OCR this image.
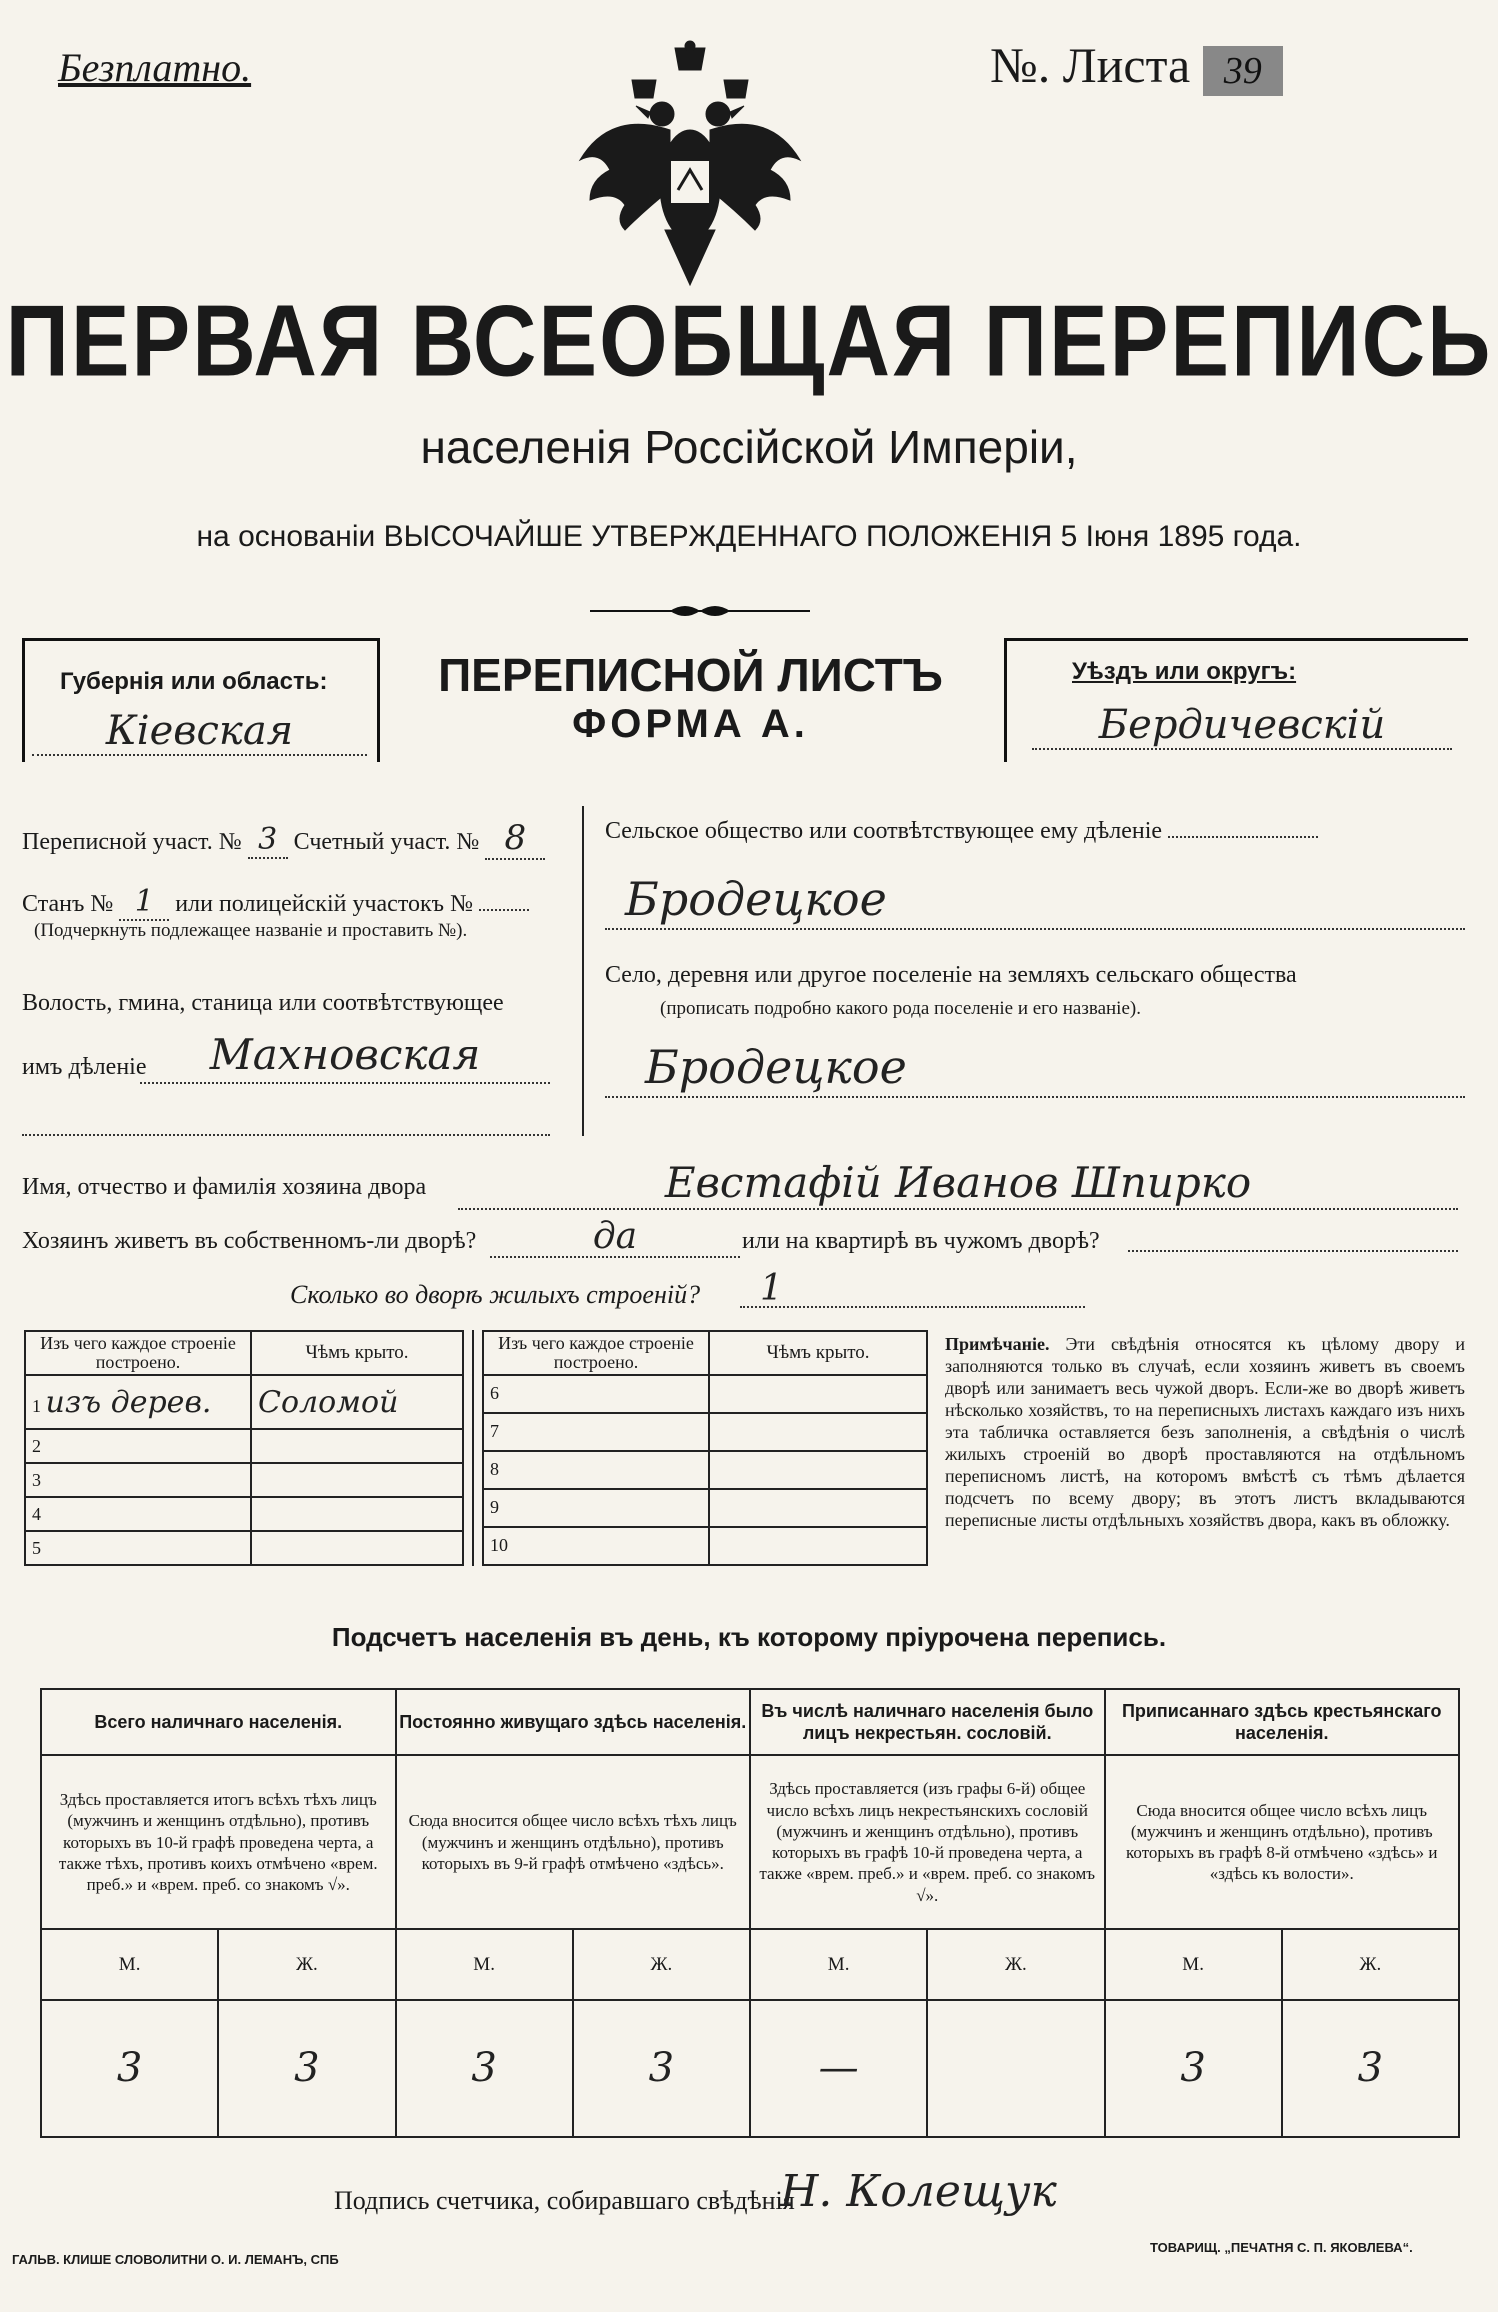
Безплатно.	№. Листа 39
ПЕРВАЯ ВСЕОБЩАЯ ПЕРЕПИСЬ
населенія Россійской Имперіи,
на основаніи ВЫСОЧАЙШЕ УТВЕРЖДЕННАГО ПОЛОЖЕНІЯ 5 Іюня 1895 года.
Губернія или область:
Кіевская
ПЕРЕПИСНОЙ ЛИСТЪ
ФОРМА А.
Уѣздъ или округъ:
Бердичевскій
Переписной участ. № 3 Счетный участ. № 8
Станъ № 1 или полицейскій участокъ №
(Подчеркнуть подлежащее названіе и проставить №).
Волость, гмина, станица или соотвѣтствующее
имъ дѣленіе	Махновская
Сельское общество или соотвѣтствующее ему дѣленіе
Бродецкое
Село, деревня или другое поселеніе на земляхъ сельскаго общества
(прописать подробно какого рода поселеніе и его названіе).
Бродецкое
Имя, отчество и фамилія хозяина двора	Евстафій Иванов Шпирко
Хозяинъ живетъ въ собственномъ-ли дворѣ?	да	или на квартирѣ въ чужомъ дворѣ?
Сколько во дворѣ жилыхъ строеній?	1
Изъ чего каждое строеніе построено.	Чѣмъ крыто.
1 изъ дерев.	Соломой
2	
3	
4	
5	
Изъ чего каждое строеніе построено.	Чѣмъ крыто.
6	
7	
8	
9	
10	
Примѣчаніе. Эти свѣдѣнія относятся къ цѣлому двору и заполняются только въ случаѣ, если хозяинъ живетъ въ своемъ дворѣ или занимаетъ весь чужой дворъ. Если-же во дворѣ живетъ нѣсколько хозяйствъ, то на переписныхъ листахъ каждаго изъ нихъ эта табличка оставляется безъ заполненія, а свѣдѣнія о числѣ жилыхъ строеній во дворѣ проставляются на отдѣльномъ переписномъ листѣ, на которомъ вмѣстѣ съ тѣмъ дѣлается подсчетъ по всему двору; въ этотъ листъ вкладываются переписные листы отдѣльныхъ хозяйствъ двора, какъ въ обложку.
Подсчетъ населенія въ день, къ которому пріурочена перепись.
Всего наличнаго населенія.		Постоянно живущаго здѣсь населенія.		Въ числѣ наличнаго населенія было лицъ некрестьян. сословій.		Приписаннаго здѣсь крестьянскаго населенія.	
Здѣсь проставляется итогъ всѣхъ тѣхъ лицъ (мужчинъ и женщинъ отдѣльно), противъ которыхъ въ 10-й графѣ проведена черта, а также тѣхъ, противъ коихъ отмѣчено «врем. преб.» и «врем. преб. со знакомъ √».		Сюда вносится общее число всѣхъ тѣхъ лицъ (мужчинъ и женщинъ отдѣльно), противъ которыхъ въ 9-й графѣ отмѣчено «здѣсь».		Здѣсь проставляется (изъ графы 6-й) общее число всѣхъ лицъ некрестьянскихъ сословій (мужчинъ и женщинъ отдѣльно), противъ которыхъ въ графѣ 10-й проведена черта, а также «врем. преб.» и «врем. преб. со знакомъ √».		Сюда вносится общее число всѣхъ лицъ (мужчинъ и женщинъ отдѣльно), противъ которыхъ въ графѣ 8-й отмѣчено «здѣсь» и «здѣсь къ волости».	
М.	Ж.	М.	Ж.	М.	Ж.	М.	Ж.
3	3	3	3	—		3	3
Подпись счетчика, собиравшаго свѣдѣнія
Н. Колещук
ГАЛЬВ. КЛИШЕ СЛОВОЛИТНИ О. И. ЛЕМАНЪ, СПБ
ТОВАРИЩ. „ПЕЧАТНЯ С. П. ЯКОВЛЕВА“.
